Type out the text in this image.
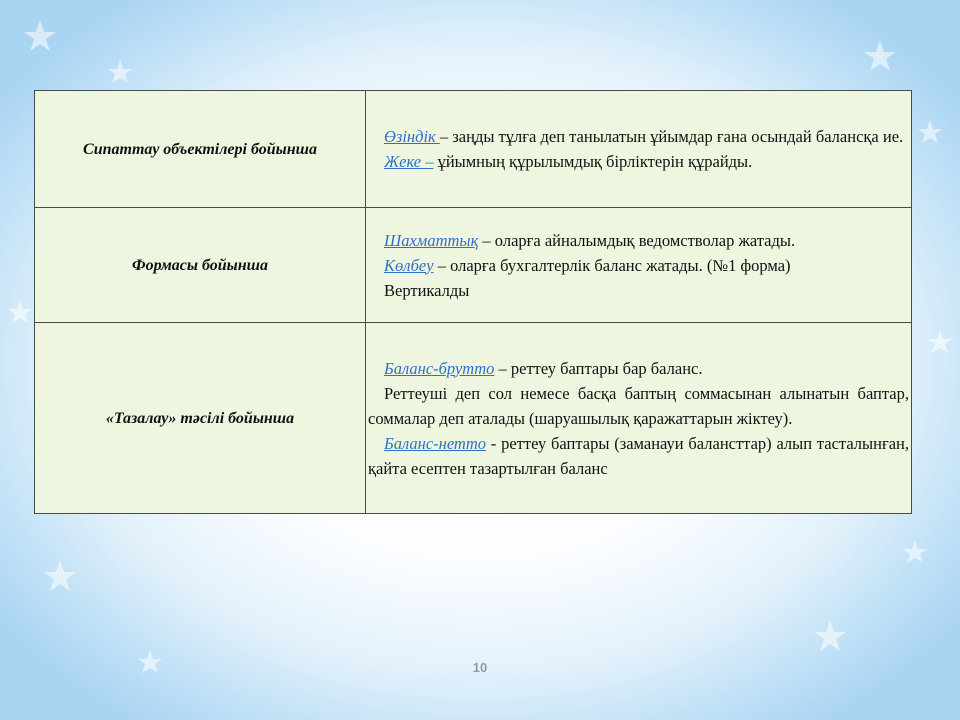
Сипаттау объектілері бойынша	Өзіндік – заңды тұлға деп танылатын ұйымдар ғана осындай балансқа ие.

Жеке – ұйымның құрылымдық бірліктерін құрайды.

Формасы бойынша	Шахматтық – оларға айналымдық ведомстволар жатады.

Көлбеу – оларға бухгалтерлік баланс жатады. (№1 форма)

Вертикалды

«Тазалау» тәсілі бойынша	Баланс-брутто – реттеу баптары бар баланс.

Реттеуші деп сол немесе басқа баптың соммасынан алынатын баптар, соммалар деп аталады (шаруашылық қаражаттарын жіктеу).

Баланс-нетто - реттеу баптары (заманауи балансттар) алып тасталынған, қайта есептен тазартылған баланс

10
